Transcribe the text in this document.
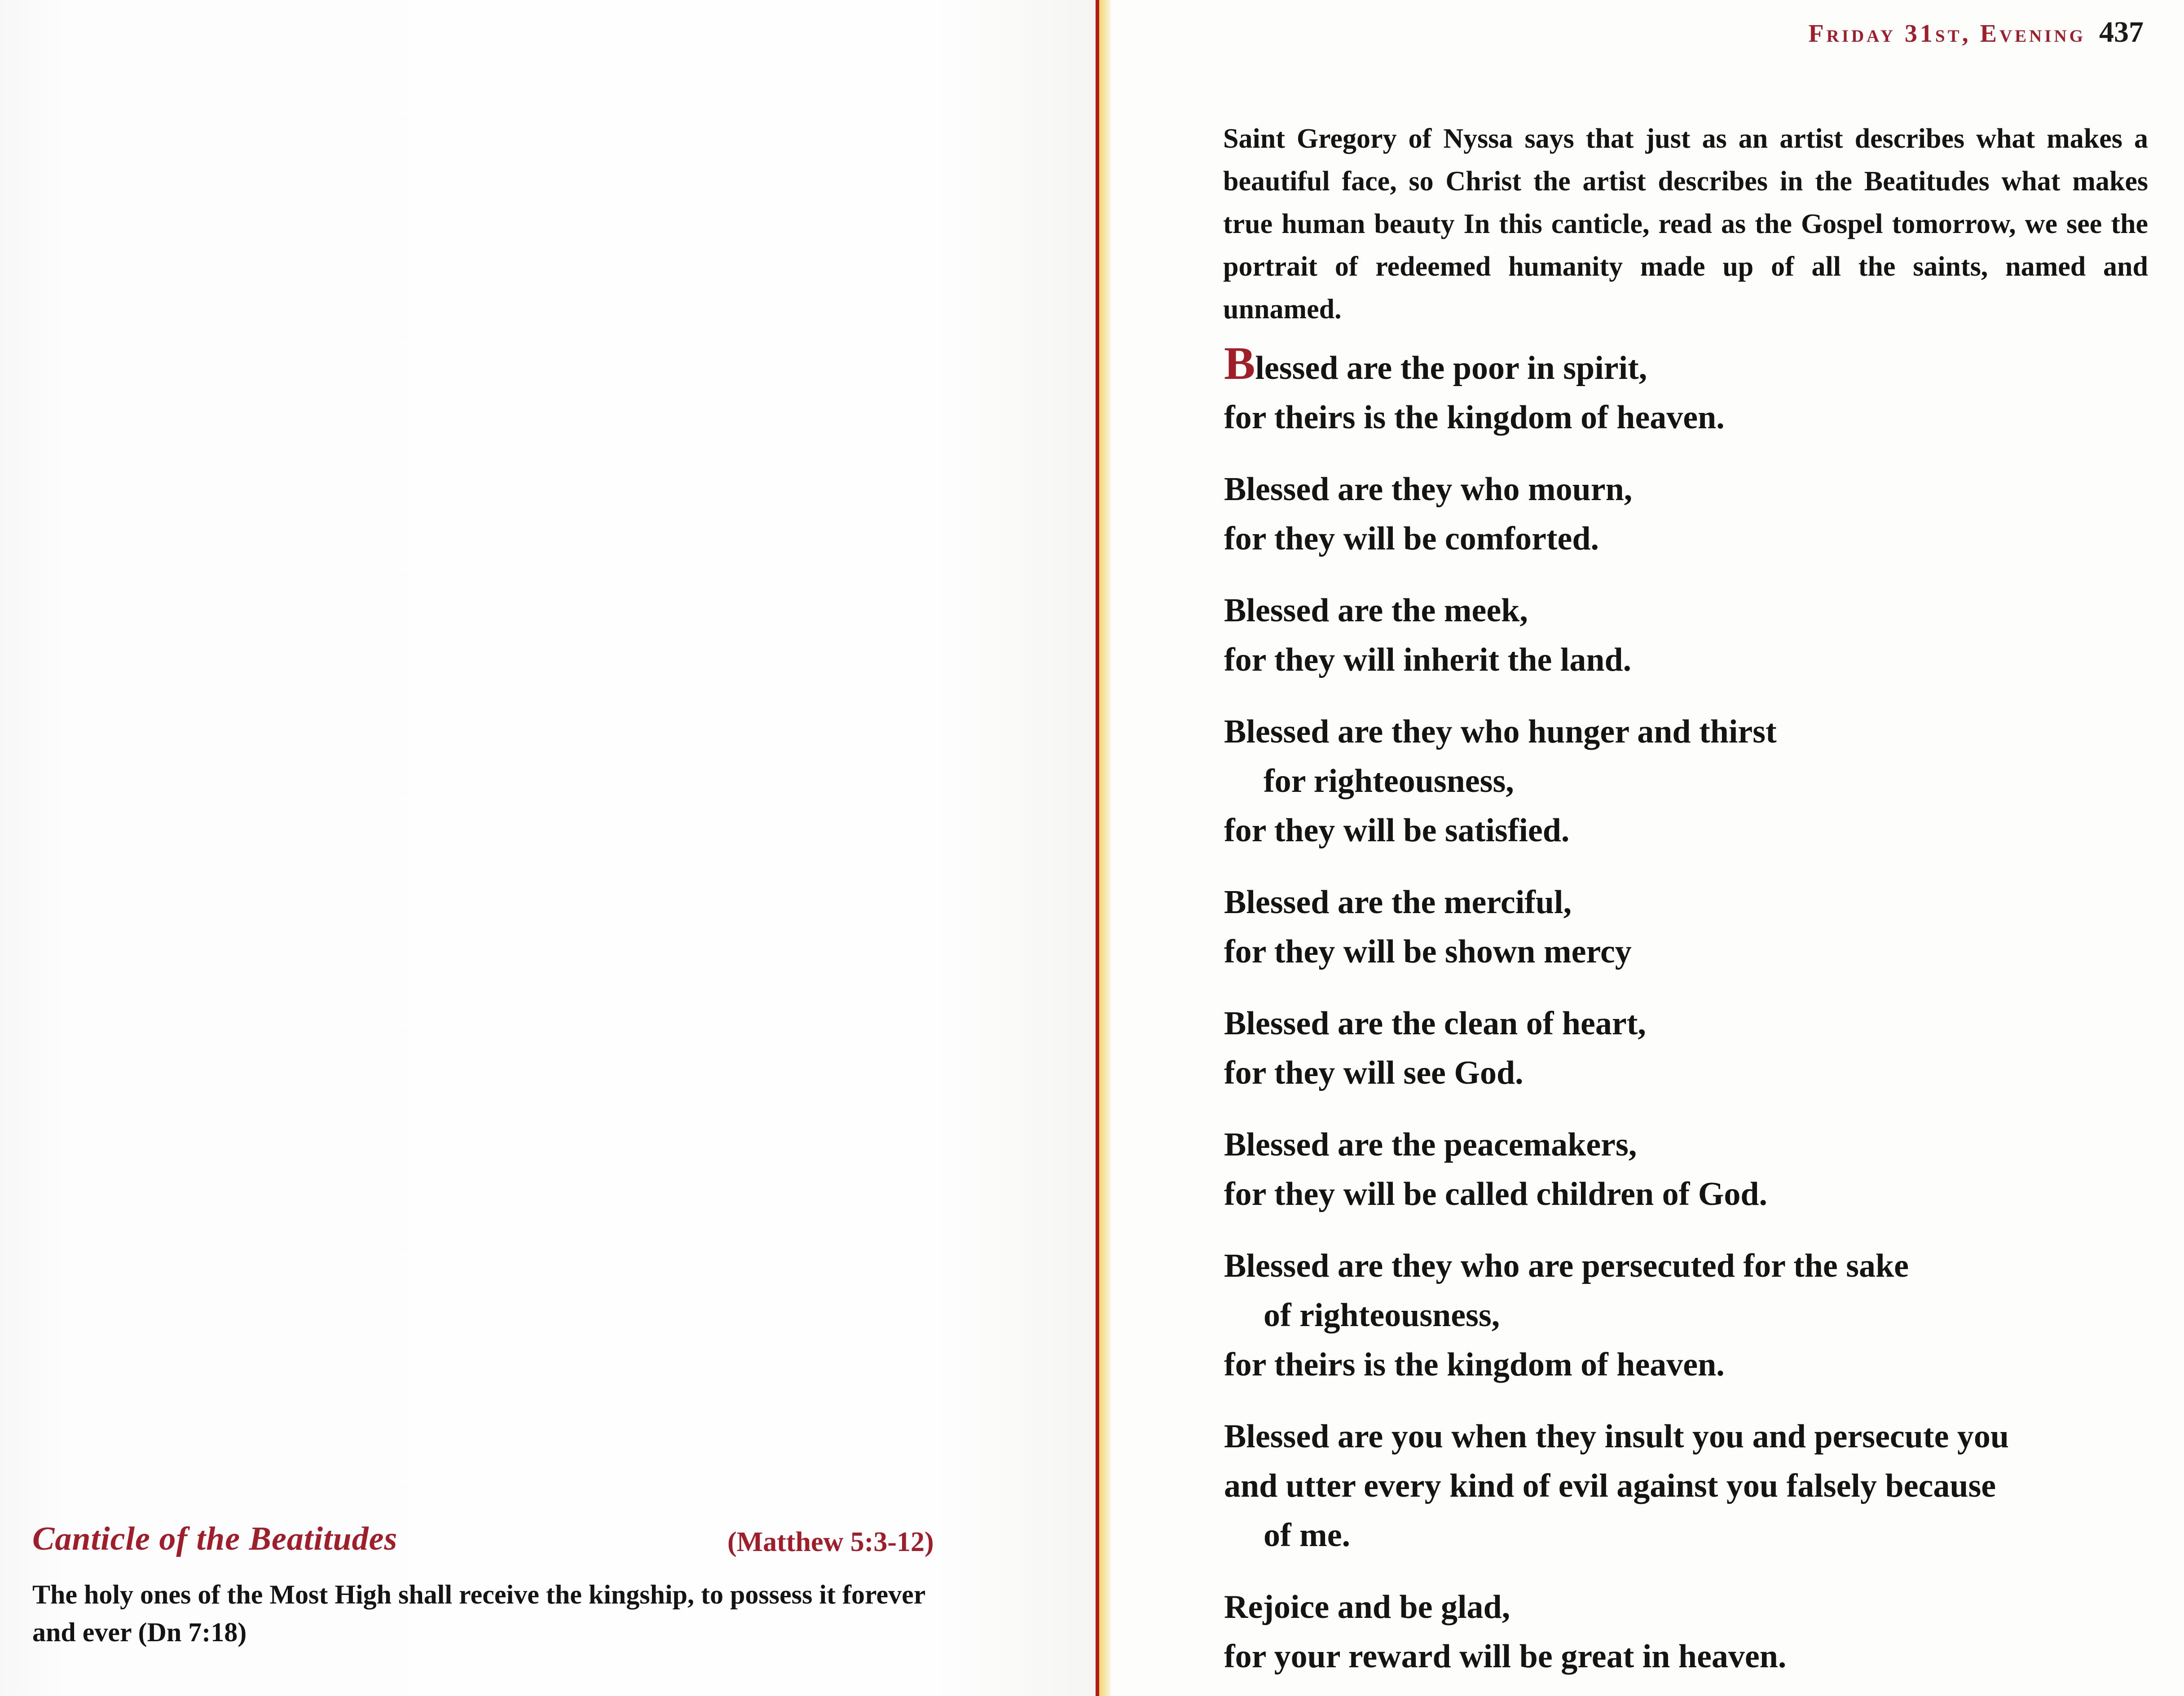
Canticle of the Beatitudes	(Matthew 5:3-12)

The holy ones of the Most High shall receive the kingship, to possess it forever and ever (Dn 7:18)

Friday 31st, Evening 437

Saint Gregory of Nyssa says that just as an artist describes what makes a beautiful face, so Christ the artist describes in the Beatitudes what makes true human beauty In this canticle, read as the Gospel tomorrow, we see the portrait of redeemed humanity made up of all the saints, named and unnamed.

Blessed are the poor in spirit,
for theirs is the kingdom of heaven.
Blessed are they who mourn,
for they will be comforted.
Blessed are the meek,
for they will inherit the land.
Blessed are they who hunger and thirst
for righteousness,
for they will be satisfied.
Blessed are the merciful,
for they will be shown mercy
Blessed are the clean of heart,
for they will see God.
Blessed are the peacemakers,
for they will be called children of God.
Blessed are they who are persecuted for the sake
of righteousness,
for theirs is the kingdom of heaven.
Blessed are you when they insult you and persecute you
and utter every kind of evil against you falsely because
of me.
Rejoice and be glad,
for your reward will be great in heaven.
